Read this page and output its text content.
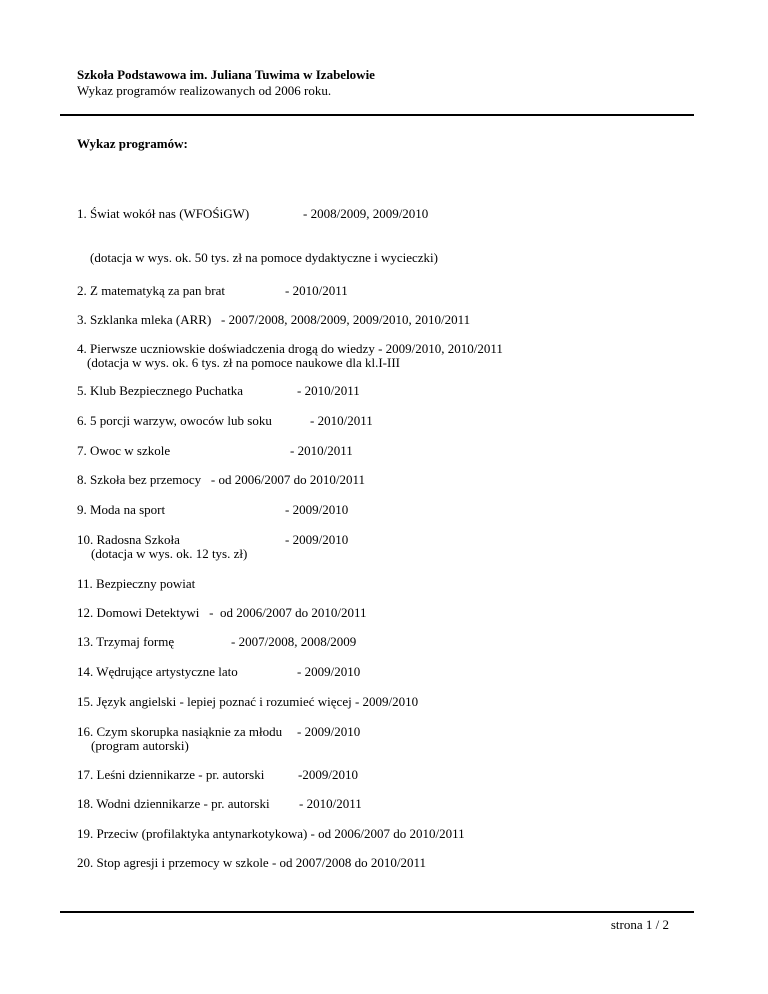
Szkoła Podstawowa im. Juliana Tuwima w Izabelowie
Wykaz programów realizowanych od 2006 roku.
Wykaz programów:
1. Świat wokół nas (WFOŚiGW)	- 2008/2009, 2009/2010
(dotacja w wys. ok. 50 tys. zł na pomoce dydaktyczne i wycieczki)
2. Z matematyką za pan brat	- 2010/2011
3. Szklanka mleka (ARR)   - 2007/2008, 2008/2009, 2009/2010, 2010/2011
4. Pierwsze uczniowskie doświadczenia drogą do wiedzy - 2009/2010, 2010/2011
(dotacja w wys. ok. 6 tys. zł na pomoce naukowe dla kl.I-III
5. Klub Bezpiecznego Puchatka	- 2010/2011
6. 5 porcji warzyw, owoców lub soku	- 2010/2011
7. Owoc w szkole	- 2010/2011
8. Szkoła bez przemocy   - od 2006/2007 do 2010/2011
9. Moda na sport	- 2009/2010
10. Radosna Szkoła	- 2009/2010
(dotacja w wys. ok. 12 tys. zł)
11. Bezpieczny powiat
12. Domowi Detektywi   -  od 2006/2007 do 2010/2011
13. Trzymaj formę	- 2007/2008, 2008/2009
14. Wędrujące artystyczne lato	- 2009/2010
15. Język angielski - lepiej poznać i rozumieć więcej - 2009/2010
16. Czym skorupka nasiąknie za młodu - 2009/2010
(program autorski)
17. Leśni dziennikarze - pr. autorski	-2009/2010
18. Wodni dziennikarze - pr. autorski - 2010/2011
19. Przeciw (profilaktyka antynarkotykowa) - od 2006/2007 do 2010/2011
20. Stop agresji i przemocy w szkole - od 2007/2008 do 2010/2011
strona 1 / 2
